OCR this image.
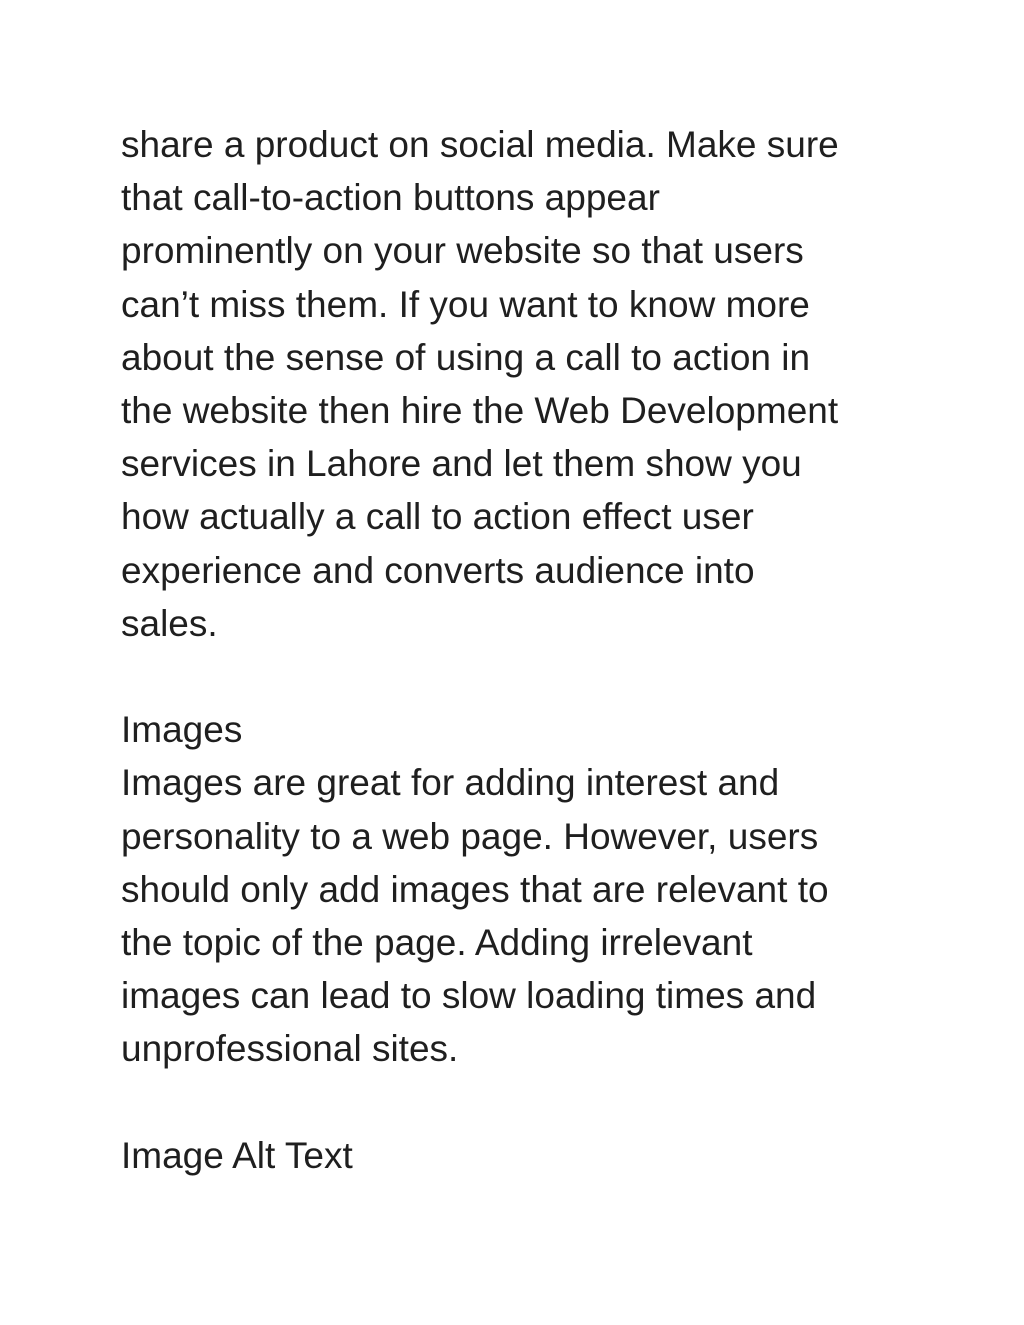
share a product on social media. Make sure
that call-to-action buttons appear
prominently on your website so that users
can’t miss them. If you want to know more
about the sense of using a call to action in
the website then hire the Web Development
services in Lahore and let them show you
how actually a call to action effect user
experience and converts audience into
sales.
Images
Images are great for adding interest and
personality to a web page. However, users
should only add images that are relevant to
the topic of the page. Adding irrelevant
images can lead to slow loading times and
unprofessional sites.
Image Alt Text
